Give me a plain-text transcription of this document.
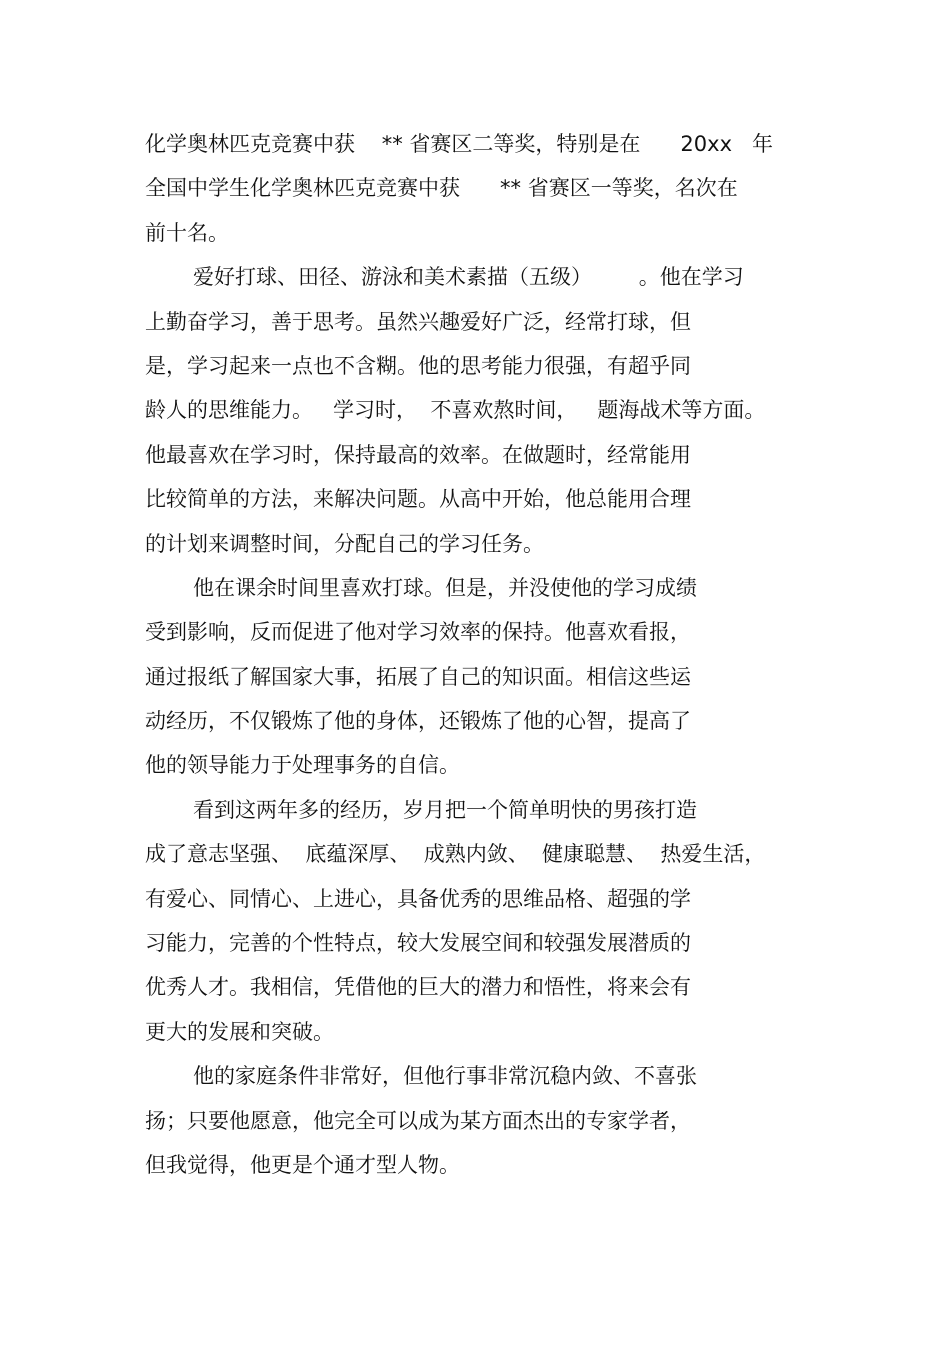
化学奥林匹克竞赛中获    ** 省赛区二等奖，特别是在      20xx   年
全国中学生化学奥林匹克竞赛中获      ** 省赛区一等奖，名次在
前十名。
爱好打球、田径、游泳和美术素描（五级）       。他在学习
上勤奋学习，善于思考。虽然兴趣爱好广泛，经常打球，但
是，学习起来一点也不含糊。他的思考能力很强，有超乎同
龄人的思维能力。   学习时，  不喜欢熬时间，   题海战术等方面。
他最喜欢在学习时，保持最高的效率。在做题时，经常能用
比较简单的方法，来解决问题。从高中开始，他总能用合理
的计划来调整时间，分配自己的学习任务。
他在课余时间里喜欢打球。但是，并没使他的学习成绩
受到影响，反而促进了他对学习效率的保持。他喜欢看报，
通过报纸了解国家大事，拓展了自己的知识面。相信这些运
动经历，不仅锻炼了他的身体，还锻炼了他的心智，提高了
他的领导能力于处理事务的自信。
看到这两年多的经历，岁月把一个简单明快的男孩打造
成了意志坚强、  底蕴深厚、  成熟内敛、  健康聪慧、  热爱生活，
有爱心、同情心、上进心，具备优秀的思维品格、超强的学
习能力，完善的个性特点，较大发展空间和较强发展潜质的
优秀人才。我相信，凭借他的巨大的潜力和悟性，将来会有
更大的发展和突破。
他的家庭条件非常好，但他行事非常沉稳内敛、不喜张
扬；只要他愿意，他完全可以成为某方面杰出的专家学者，
但我觉得，他更是个通才型人物。
